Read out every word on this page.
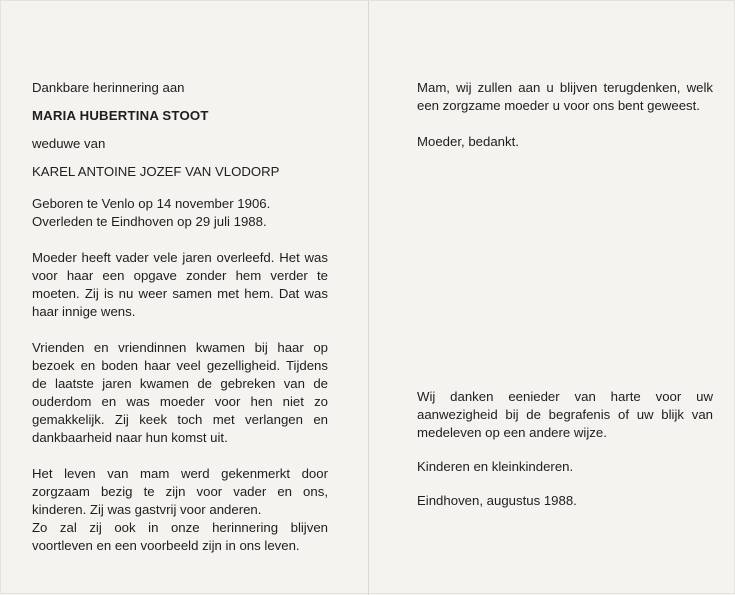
Dankbare herinnering aan

MARIA HUBERTINA STOOT

weduwe van

KAREL ANTOINE JOZEF VAN VLODORP

Geboren te Venlo op 14 november 1906.

Overleden te Eindhoven op 29 juli 1988.

Moeder heeft vader vele jaren overleefd. Het was voor haar een opgave zonder hem verder te moeten. Zij is nu weer samen met hem. Dat was haar innige wens.

Vrienden en vriendinnen kwamen bij haar op bezoek en boden haar veel gezelligheid. Tijdens de laatste jaren kwamen de gebreken van de ouderdom en was moeder voor hen niet zo gemakkelijk. Zij keek toch met verlangen en dankbaarheid naar hun komst uit.

Het leven van mam werd gekenmerkt door zorgzaam bezig te zijn voor vader en ons, kinderen. Zij was gastvrij voor anderen.

Zo zal zij ook in onze herinnering blijven voortleven en een voorbeeld zijn in ons leven.

Mam, wij zullen aan u blijven terugdenken, welk een zorgzame moeder u voor ons bent geweest.

Moeder, bedankt.

Wij danken eenieder van harte voor uw aanwezigheid bij de begrafenis of uw blijk van medeleven op een andere wijze.

Kinderen en kleinkinderen.

Eindhoven, augustus 1988.
